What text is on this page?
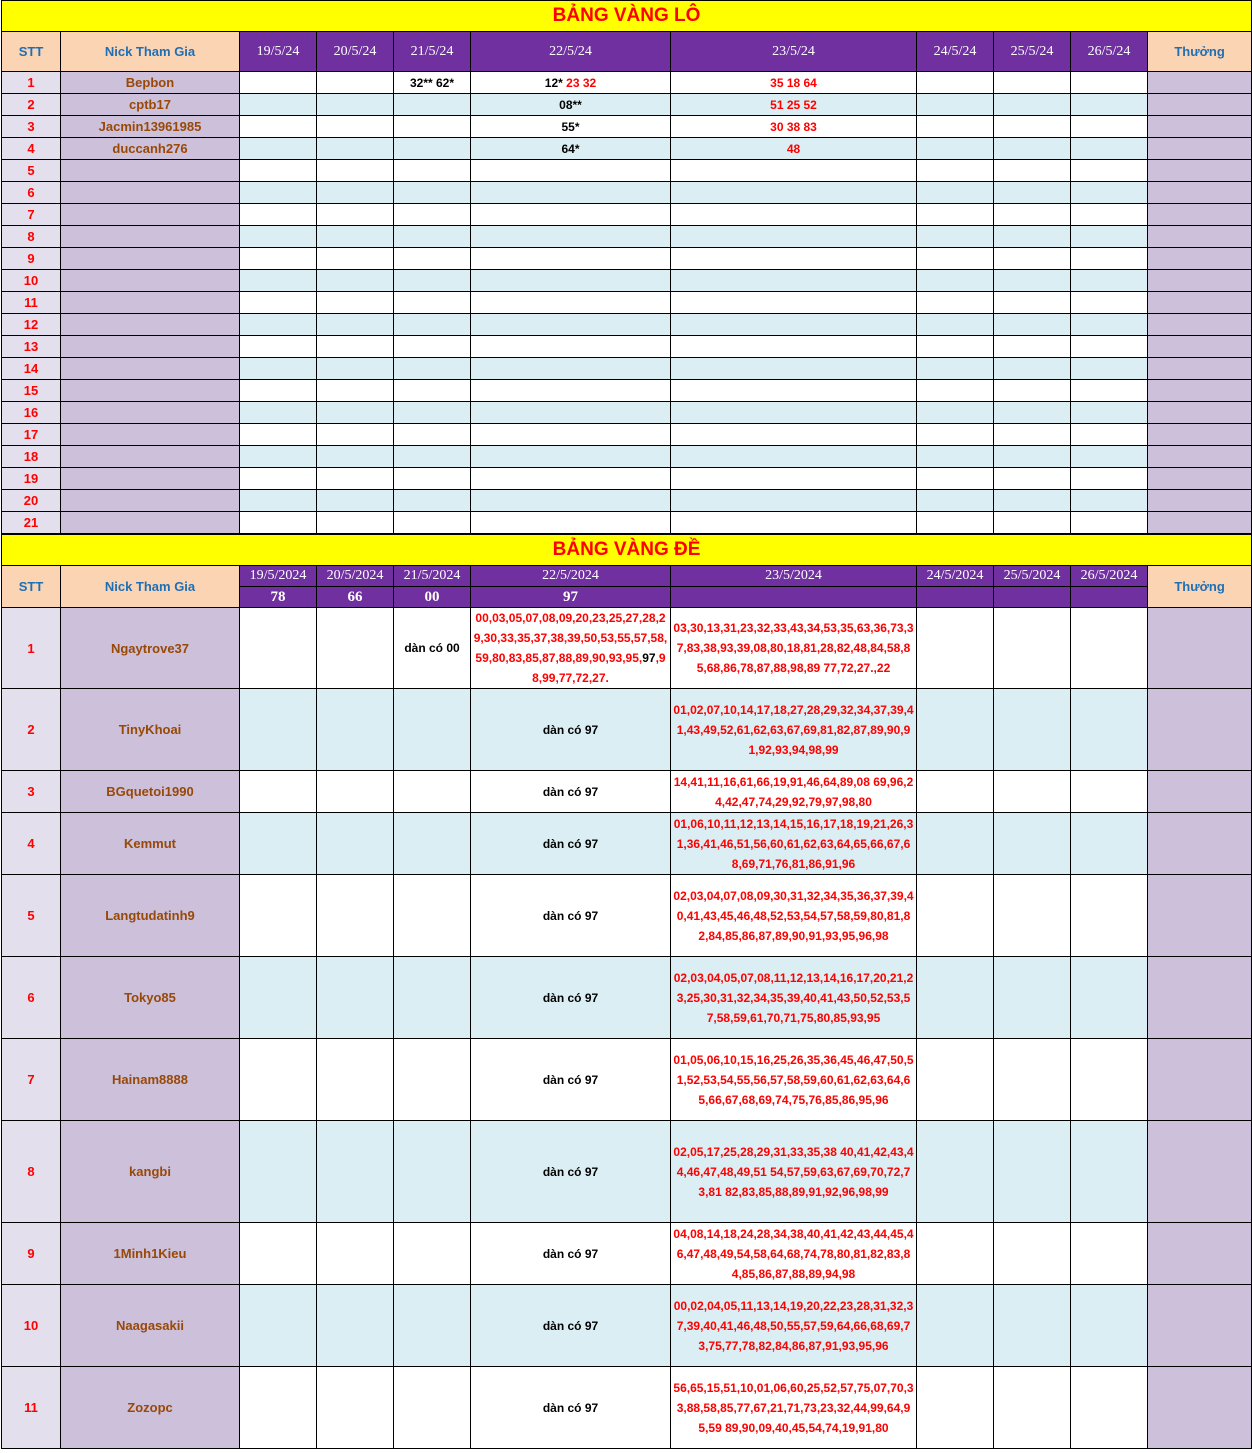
BẢNG VÀNG LÔ										
STT	Nick Tham Gia	19/5/24	20/5/24	21/5/24	22/5/24	23/5/24	24/5/24	25/5/24	26/5/24	Thưởng
1	Bepbon			32** 62*	12* 23 32	35 18 64				
2	cptb17				08**	51 25 52				
3	Jacmin13961985				55*	30 38 83				
4	duccanh276				64*	48				
5										
6										
7										
8										
9										
10										
11										
12										
13										
14										
15										
16										
17										
18										
19										
20										
21										
BẢNG VÀNG ĐỀ										
STT	Nick Tham Gia	19/5/2024	20/5/2024	21/5/2024	22/5/2024	23/5/2024	24/5/2024	25/5/2024	26/5/2024	Thưởng
		78	66	00	97					
1	Ngaytrove37			dàn có 00	00,03,05,07,08,09,20,23,25,27,28,29,30,33,35,37,38,39,50,53,55,57,58,59,80,83,85,87,88,89,90,93,95,97,98,99,77,72,27.	03,30,13,31,23,32,33,43,34,53,35,63,36,73,37,83,38,93,39,08,80,18,81,28,82,48,84,58,85,68,86,78,87,88,98,89 77,72,27.,22				
2	TinyKhoai				dàn có 97	01,02,07,10,14,17,18,27,28,29,32,34,37,39,41,43,49,52,61,62,63,67,69,81,82,87,89,90,91,92,93,94,98,99				
3	BGquetoi1990				dàn có 97	14,41,11,16,61,66,19,91,46,64,89,08 69,96,24,42,47,74,29,92,79,97,98,80				
4	Kemmut				dàn có 97	01,06,10,11,12,13,14,15,16,17,18,19,21,26,31,36,41,46,51,56,60,61,62,63,64,65,66,67,68,69,71,76,81,86,91,96				
5	Langtudatinh9				dàn có 97	02,03,04,07,08,09,30,31,32,34,35,36,37,39,40,41,43,45,46,48,52,53,54,57,58,59,80,81,82,84,85,86,87,89,90,91,93,95,96,98				
6	Tokyo85				dàn có 97	02,03,04,05,07,08,11,12,13,14,16,17,20,21,23,25,30,31,32,34,35,39,40,41,43,50,52,53,57,58,59,61,70,71,75,80,85,93,95				
7	Hainam8888				dàn có 97	01,05,06,10,15,16,25,26,35,36,45,46,47,50,51,52,53,54,55,56,57,58,59,60,61,62,63,64,65,66,67,68,69,74,75,76,85,86,95,96				
8	kangbi				dàn có 97	02,05,17,25,28,29,31,33,35,38 40,41,42,43,44,46,47,48,49,51 54,57,59,63,67,69,70,72,73,81 82,83,85,88,89,91,92,96,98,99				
9	1Minh1Kieu				dàn có 97	04,08,14,18,24,28,34,38,40,41,42,43,44,45,46,47,48,49,54,58,64,68,74,78,80,81,82,83,84,85,86,87,88,89,94,98				
10	Naagasakii				dàn có 97	00,02,04,05,11,13,14,19,20,22,23,28,31,32,37,39,40,41,46,48,50,55,57,59,64,66,68,69,73,75,77,78,82,84,86,87,91,93,95,96				
11	Zozopc				dàn có 97	56,65,15,51,10,01,06,60,25,52,57,75,07,70,33,88,58,85,77,67,21,71,73,23,32,44,99,64,95,59 89,90,09,40,45,54,74,19,91,80				
